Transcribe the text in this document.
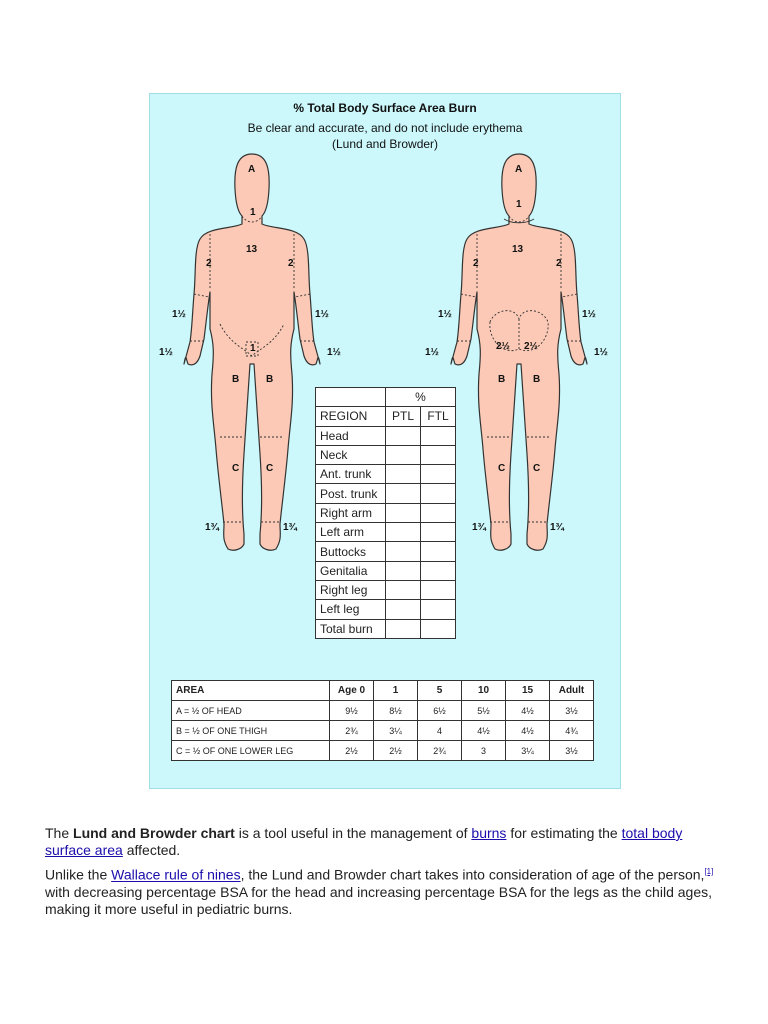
% Total Body Surface Area Burn
Be clear and accurate, and do not include erythema
(Lund and Browder)
A
1
13
2	2
1½	1½
1½	1½
1
B	B
C	C
1¾	1¾
A
1
13
2	2
1½	1½
1½	1½
2½ 2½
B	B
C	C
1¾	1¾
	%	
REGION	PTL	FTL
Head		
Neck		
Ant. trunk		
Post. trunk		
Right arm		
Left arm		
Buttocks		
Genitalia		
Right leg		
Left leg		
Total burn		
AREA	Age 0	1	5	10	15	Adult
A = ½ OF HEAD	9½	8½	6½	5½	4½	3½
B = ½ OF ONE THIGH	2¾	3¼	4	4½	4½	4¾
C = ½ OF ONE LOWER LEG	2½	2½	2¾	3	3¼	3½

The Lund and Browder chart is a tool useful in the management of burns for estimating the total body surface area affected.

Unlike the Wallace rule of nines, the Lund and Browder chart takes into consideration of age of the person,[1] with decreasing percentage BSA for the head and increasing percentage BSA for the legs as the child ages, making it more useful in pediatric burns.
